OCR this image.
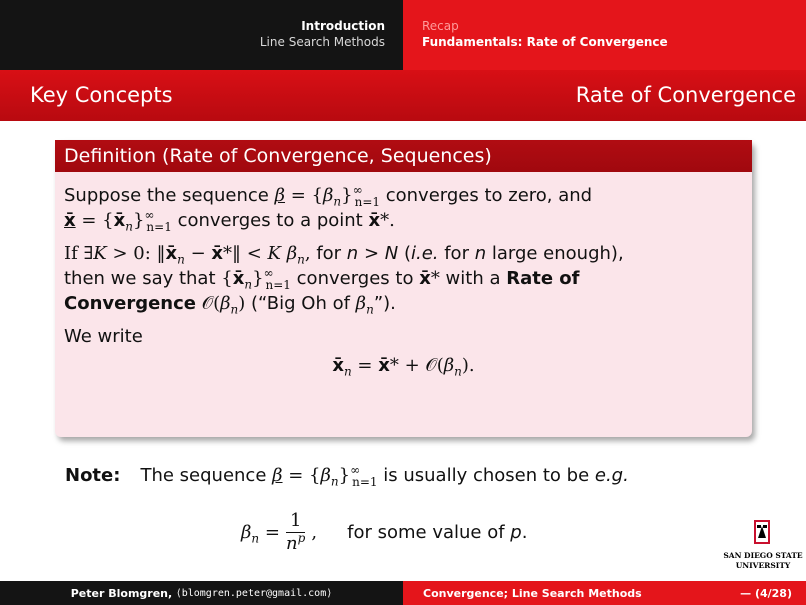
Introduction
Line Search Methods
Recap
Fundamentals: Rate of Convergence
Key Concepts	Rate of Convergence
Definition (Rate of Convergence, Sequences)
Suppose the sequence $\beta = \{\beta_n\}^\infty_{n=1}$ converges to zero, and
x̄ = $\{x̄_n\}^\infty_{n=1}$ converges to a point x̄*.
If ∃K > 0: $‖x̄_n$ − x̄*‖ < K $\beta_n$, for n > N (i.e. for n large enough),
then we say that $\{x̄_n\}^\infty_{n=1}$ converges to x̄* with a Rate of
Convergence $𝒪(\beta_n)$ (“Big Oh of $\beta_n$”).
We write
$x̄_n$ = x̄* + $𝒪(\beta_n)$.
Note: The sequence $\beta = \{\beta_n\}^\infty_{n=1}$ is usually chosen to be e.g.
$\beta_n = \frac{1}{n^p}$ , for some value of p.
SAN DIEGO STATE
UNIVERSITY
Peter Blomgren,
⟨blomgren.peter@gmail.com⟩	Convergence; Line Search Methods	— (4/28)
